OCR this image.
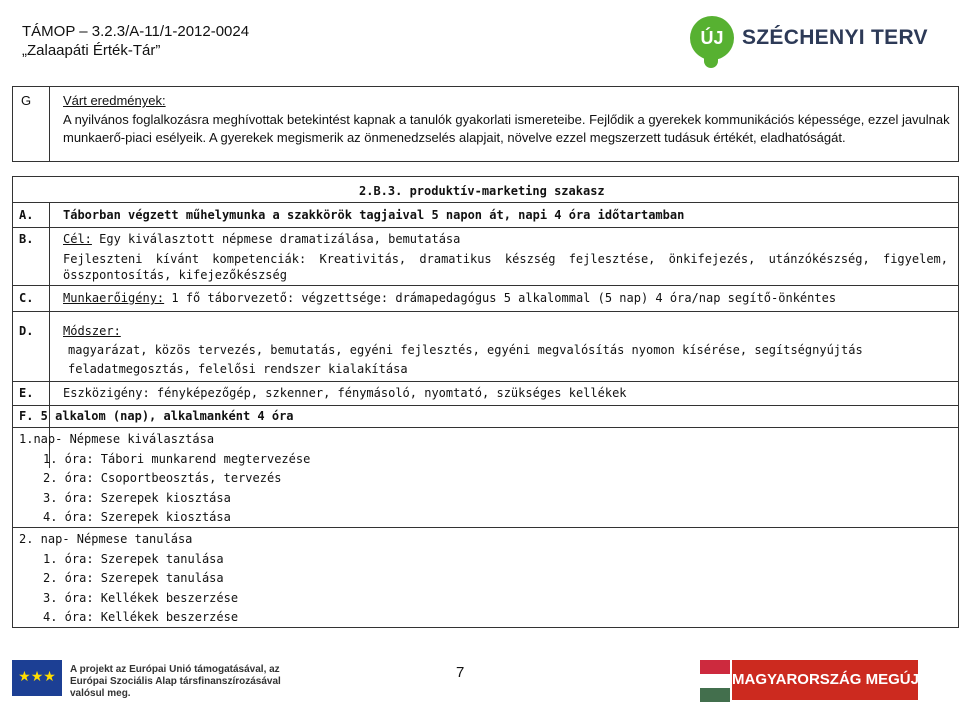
TÁMOP – 3.2.3/A-11/1-2012-0024
„Zalaapáti Érték-Tár”
ÚJ SZÉCHENYI TERV
G Várt eredmények:
A nyilvános foglalkozásra meghívottak betekintést kapnak a tanulók gyakorlati ismereteibe. Fejlődik a gyerekek kommunikációs képessége, ezzel javulnak munkaerő-piaci esélyeik. A gyerekek megismerik az önmenedzselés alapjait, növelve ezzel megszerzett tudásuk értékét, eladhatóságát.
2.B.3. produktív-marketing szakasz
A. Táborban végzett műhelymunka a szakkörök tagjaival 5 napon át, napi 4 óra időtartamban
B. Cél: Egy kiválasztott népmese dramatizálása, bemutatása
Fejleszteni kívánt kompetenciák: Kreativitás, dramatikus készség fejlesztése, önkifejezés, utánzókészség, figyelem, összpontosítás, kifejezőkészség
C. Munkaerőigény: 1 fő táborvezető: végzettsége: drámapedagógus 5 alkalommal (5 nap) 4 óra/nap segítő-önkéntes
D. Módszer:
magyarázat, közös tervezés, bemutatás, egyéni fejlesztés, egyéni megvalósítás nyomon kísérése, segítségnyújtás
feladatmegosztás, felelősi rendszer kialakítása
E. Eszközigény: fényképezőgép, szkenner, fénymásoló, nyomtató, szükséges kellékek
F. 5 alkalom (nap), alkalmanként 4 óra
1.nap- Népmese kiválasztása

1. óra: Tábori munkarend megtervezése
2. óra: Csoportbeosztás, tervezés
3. óra: Szerepek kiosztása
4. óra: Szerepek kiosztása
2. nap- Népmese tanulása

1. óra: Szerepek tanulása
2. óra: Szerepek tanulása
3. óra: Kellékek beszerzése
4. óra: Kellékek beszerzése
★★★	A projekt az Európai Unió támogatásával, az Európai Szociális Alap társfinanszírozásával valósul meg.
7	MAGYARORSZÁG MEGÚJUL
